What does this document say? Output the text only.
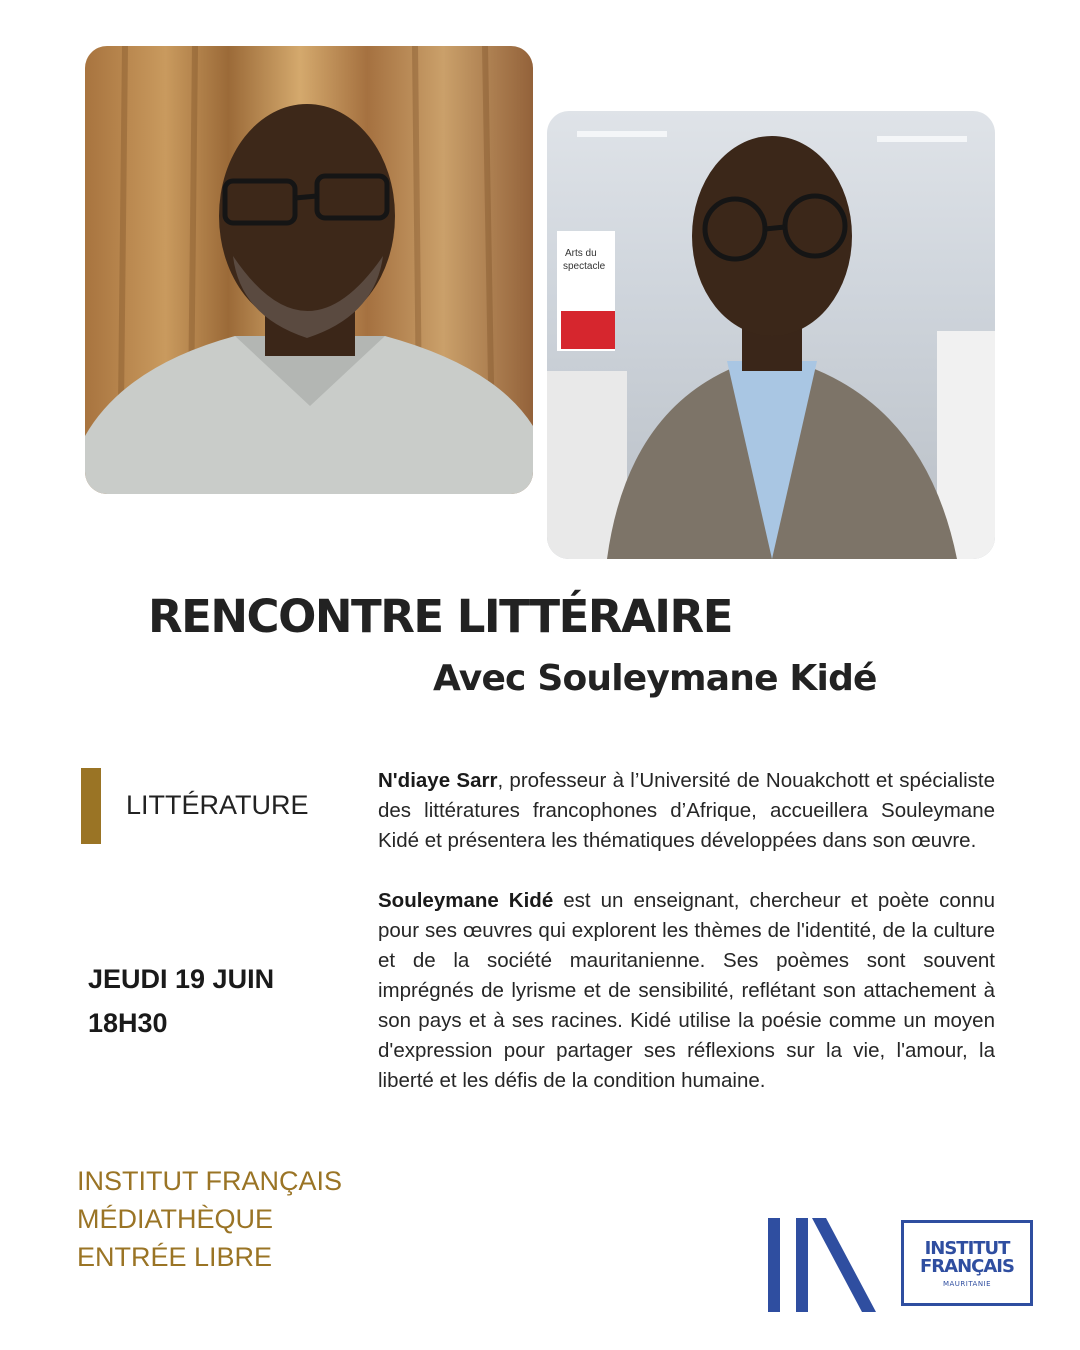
Arts du
spectacle
RENCONTRE LITTÉRAIRE
Avec Souleymane Kidé
LITTÉRATURE
JEUDI 19 JUIN
18H30

N'diaye Sarr, professeur à l’Université de Nouakchott et spécialiste des littératures francophones d’Afrique, accueillera Souleymane Kidé et présentera les thématiques développées dans son œuvre.

Souleymane Kidé est un enseignant, chercheur et poète connu pour ses œuvres qui explorent les thèmes de l'identité, de la culture et de la société mauritanienne. Ses poèmes sont souvent imprégnés de lyrisme et de sensibilité, reflétant son attachement à son pays et à ses racines. Kidé utilise la poésie comme un moyen d'expression pour partager ses réflexions sur la vie, l'amour, la liberté et les défis de la condition humaine.

INSTITUT FRANÇAIS
MÉDIATHÈQUE
ENTRÉE LIBRE	INSTITUT
FRANÇAIS
MAURITANIE
